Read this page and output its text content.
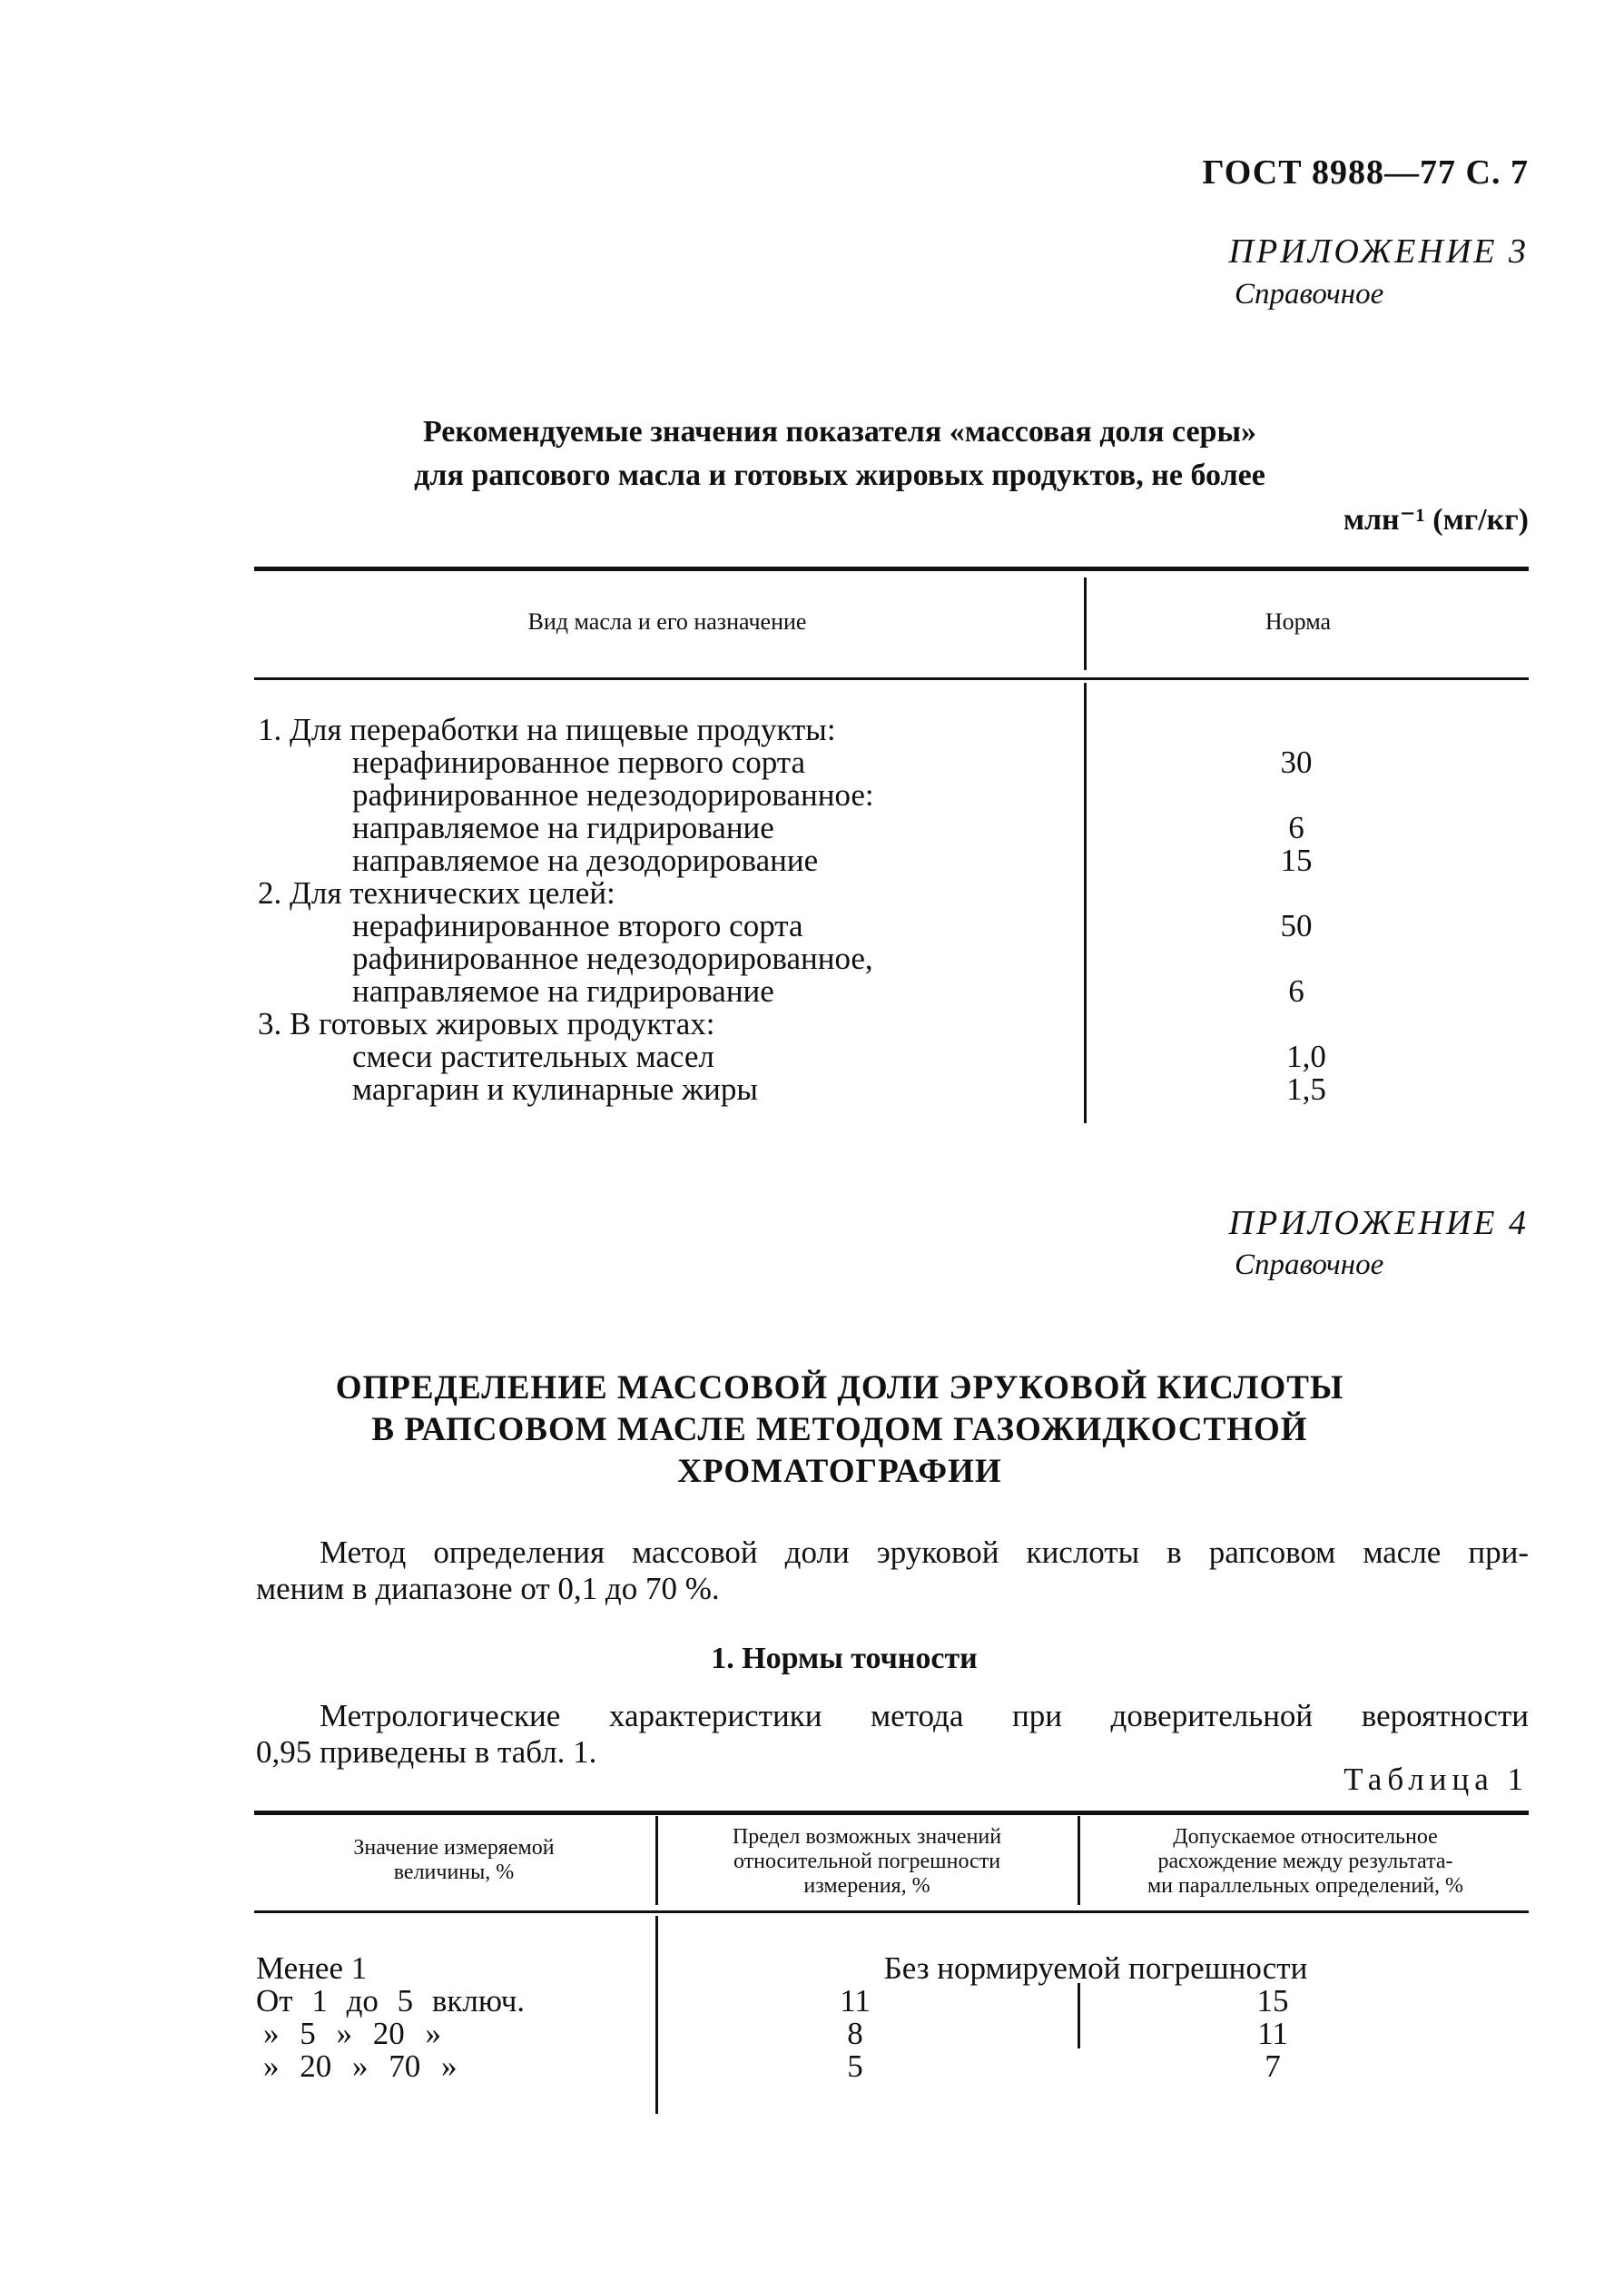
ГОСТ 8988—77 С. 7
ПРИЛОЖЕНИЕ 3
Справочное
Рекомендуемые значения показателя «массовая доля серы»
для рапсового масла и готовых жировых продуктов, не более
млн⁻¹ (мг/кг)
Вид масла и его назначение	Норма
1. Для переработки на пищевые продукты:
нерафинированное первого сорта	30
рафинированное недезодорированное:
направляемое на гидрирование	6
направляемое на дезодорирование	15
2. Для технических целей:
нерафинированное второго сорта	50
рафинированное недезодорированное,
направляемое на гидрирование	6
3. В готовых жировых продуктах:
смеси растительных масел	1,0
маргарин и кулинарные жиры	1,5
ПРИЛОЖЕНИЕ 4
Справочное
ОПРЕДЕЛЕНИЕ МАССОВОЙ ДОЛИ ЭРУКОВОЙ КИСЛОТЫ
В РАПСОВОМ МАСЛЕ МЕТОДОМ ГАЗОЖИДКОСТНОЙ
ХРОМАТОГРАФИИ
Метод определения массовой доли эруковой кислоты в рапсовом масле при-
меним в диапазоне от 0,1 до 70 %.
1. Нормы точности
Метрологические характеристики метода при доверительной вероятности
0,95 приведены в табл. 1.
Таблица 1
Значение измеряемой
величины, %
Предел возможных значений
относительной погрешности
измерения, %
Допускаемое относительное
расхождение между результата-
ми параллельных определений, %
Менее 1	Без нормируемой погрешности
От 1 до 5 включ.	11	15
» 5 » 20 »	8	11
» 20 » 70 »	5	7
